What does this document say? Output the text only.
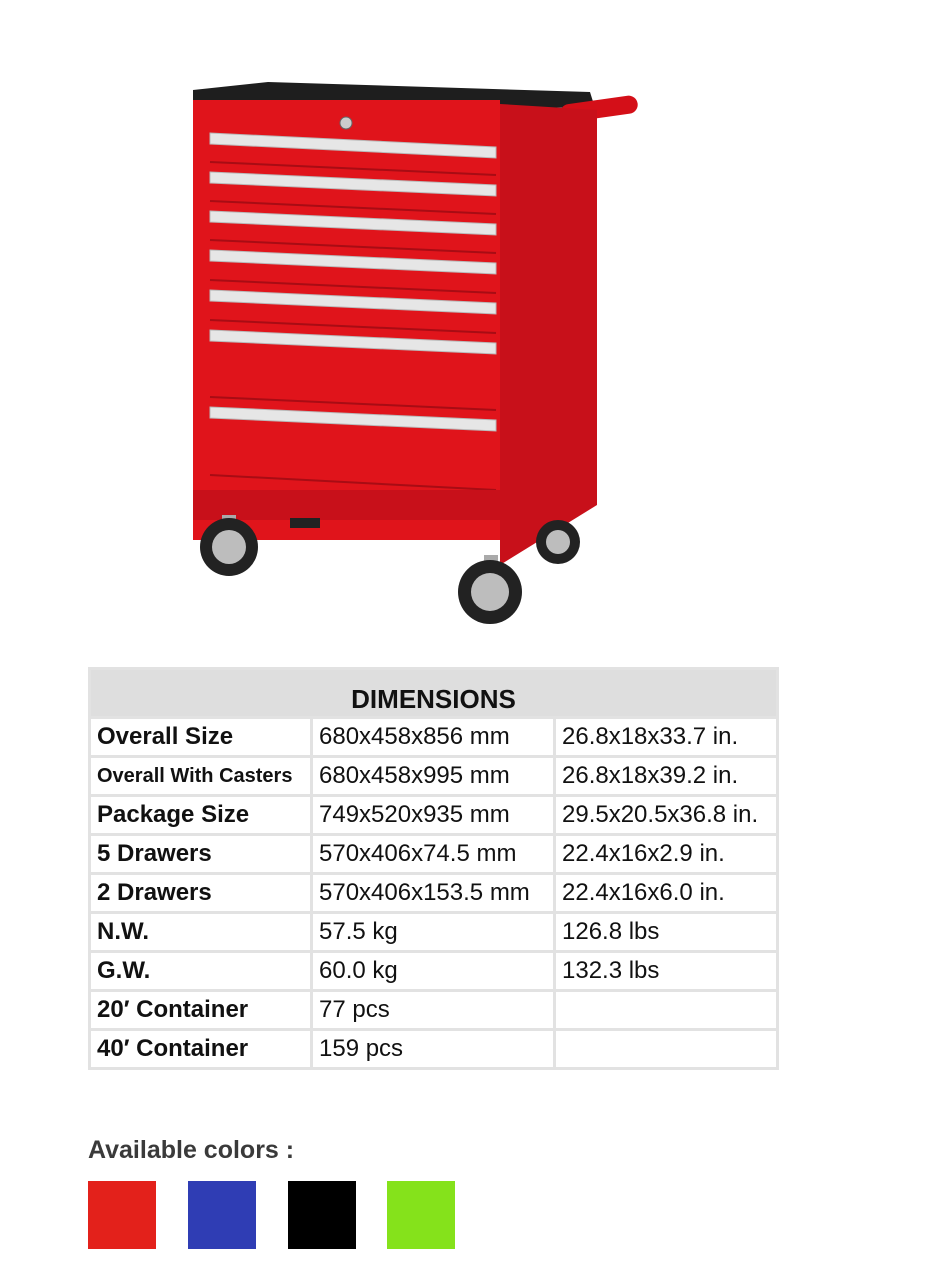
DIMENSIONS		
Overall Size	680x458x856 mm	26.8x18x33.7 in.
Overall With Casters	680x458x995 mm	26.8x18x39.2 in.
Package Size	749x520x935 mm	29.5x20.5x36.8 in.
5 Drawers	570x406x74.5 mm	22.4x16x2.9 in.
2 Drawers	570x406x153.5 mm	22.4x16x6.0 in.
N.W.	57.5 kg	126.8 lbs
G.W.	60.0 kg	132.3 lbs
20′ Container	77 pcs	
40′ Container	159 pcs	

Available colors :
